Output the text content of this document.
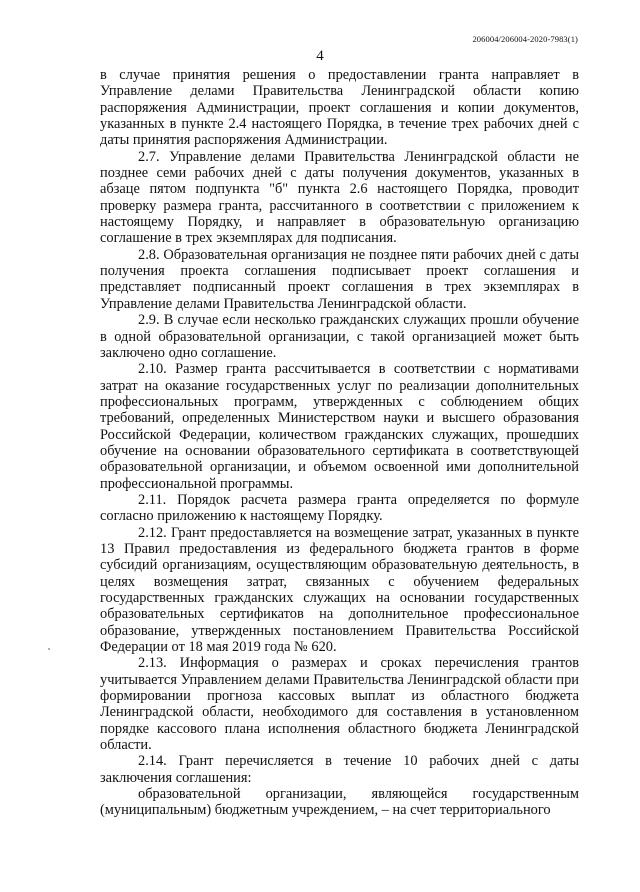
206004/206004-2020-7983(1)
4

в случае принятия решения о предоставлении гранта направляет в Управление делами Правительства Ленинградской области копию распоряжения Администрации, проект соглашения и копии документов, указанных в пункте 2.4 настоящего Порядка, в течение трех рабочих дней с даты принятия распоряжения Администрации.

2.7. Управление делами Правительства Ленинградской области не позднее семи рабочих дней с даты получения документов, указанных в абзаце пятом подпункта "б" пункта 2.6 настоящего Порядка, проводит проверку размера гранта, рассчитанного в соответствии с приложением к настоящему Порядку, и направляет в образовательную организацию соглашение в трех экземплярах для подписания.

2.8. Образовательная организация не позднее пяти рабочих дней с даты получения проекта соглашения подписывает проект соглашения и представляет подписанный проект соглашения в трех экземплярах в Управление делами Правительства Ленинградской области.

2.9. В случае если несколько гражданских служащих прошли обучение в одной образовательной организации, с такой организацией может быть заключено одно соглашение.

2.10. Размер гранта рассчитывается в соответствии с нормативами затрат на оказание государственных услуг по реализации дополнительных профессиональных программ, утвержденных с соблюдением общих требований, определенных Министерством науки и высшего образования Российской Федерации, количеством гражданских служащих, прошедших обучение на основании образовательного сертификата в соответствующей образовательной организации, и объемом освоенной ими дополнительной профессиональной программы.

2.11. Порядок расчета размера гранта определяется по формуле согласно приложению к настоящему Порядку.

2.12. Грант предоставляется на возмещение затрат, указанных в пункте 13 Правил предоставления из федерального бюджета грантов в форме субсидий организациям, осуществляющим образовательную деятельность, в целях возмещения затрат, связанных с обучением федеральных государственных гражданских служащих на основании государственных образовательных сертификатов на дополнительное профессиональное образование, утвержденных постановлением Правительства Российской Федерации от 18 мая 2019 года № 620.

2.13. Информация о размерах и сроках перечисления грантов учитывается Управлением делами Правительства Ленинградской области при формировании прогноза кассовых выплат из областного бюджета Ленинградской области, необходимого для составления в установленном порядке кассового плана исполнения областного бюджета Ленинградской области.

2.14. Грант перечисляется в течение 10 рабочих дней с даты заключения соглашения:

образовательной организации, являющейся государственным (муниципальным) бюджетным учреждением, – на счет территориального
